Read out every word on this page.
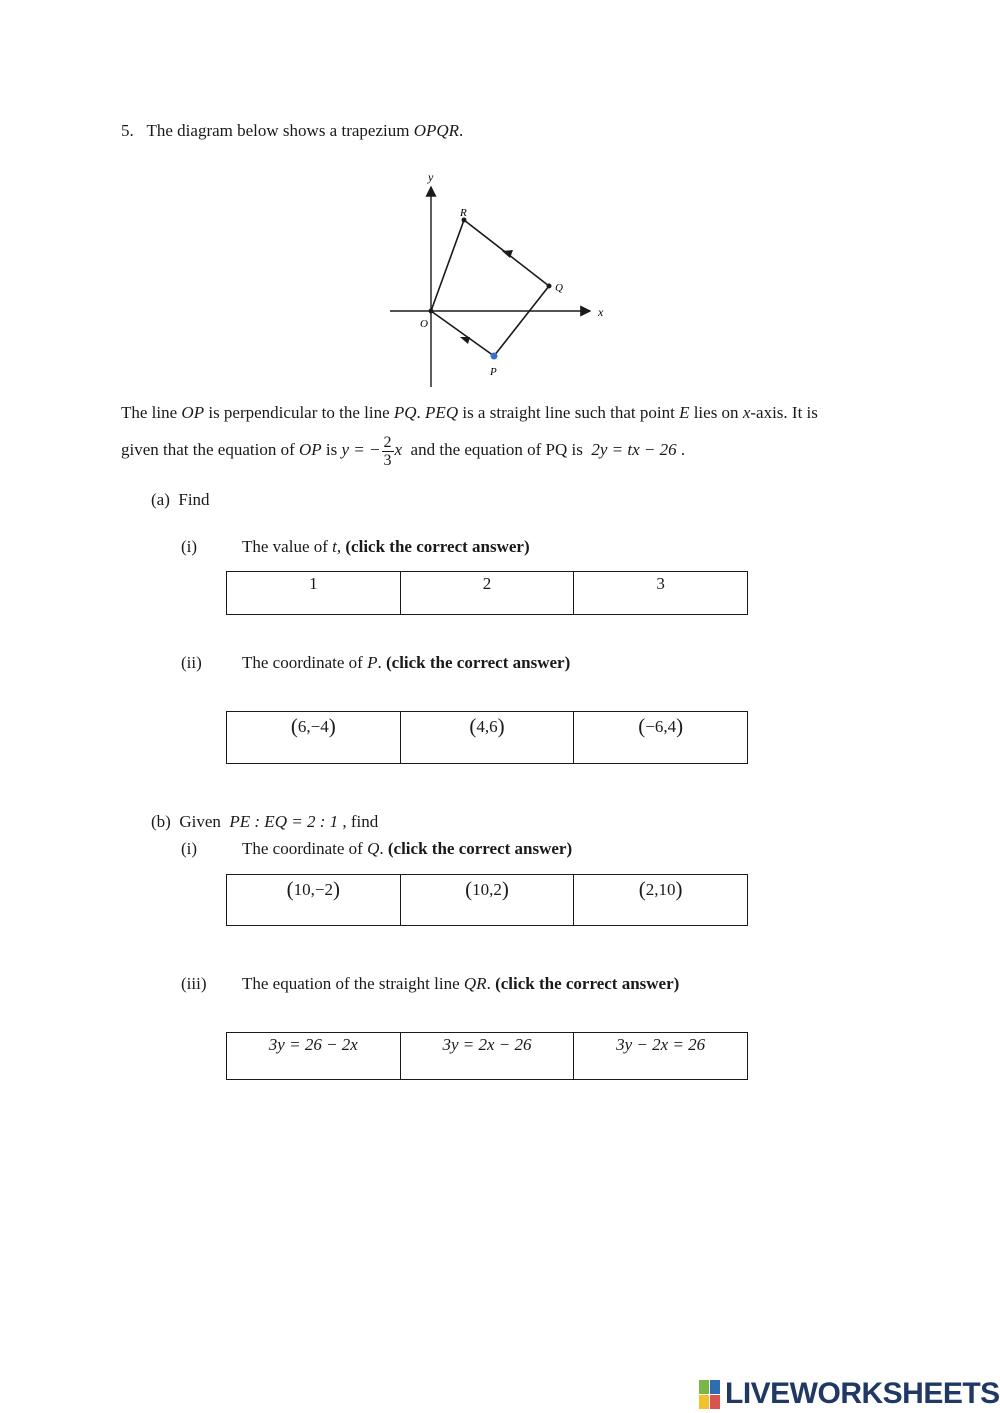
5. The diagram below shows a trapezium OPQR.
y
x
O
R
Q
P
The line OP is perpendicular to the line PQ. PEQ is a straight line such that point E lies on x-axis. It is
given that the equation of OP is y = − $\frac{2}{3}$ x  and the equation of PQ is  2y = tx − 26 .
(a) Find
(i)	The value of t, (click the correct answer)
1	2	3
(ii) The coordinate of P. (click the correct answer)
(6,−4)	(4,6)	(−6,4)
(b) Given  PE : EQ = 2 : 1 , find
(i)	The coordinate of Q. (click the correct answer)
(10,−2)	(10,2)	(2,10)
(iii) The equation of the straight line QR. (click the correct answer)
3y = 26 − 2x	3y = 2x − 26	3y − 2x = 26
LIVEWORKSHEETS
